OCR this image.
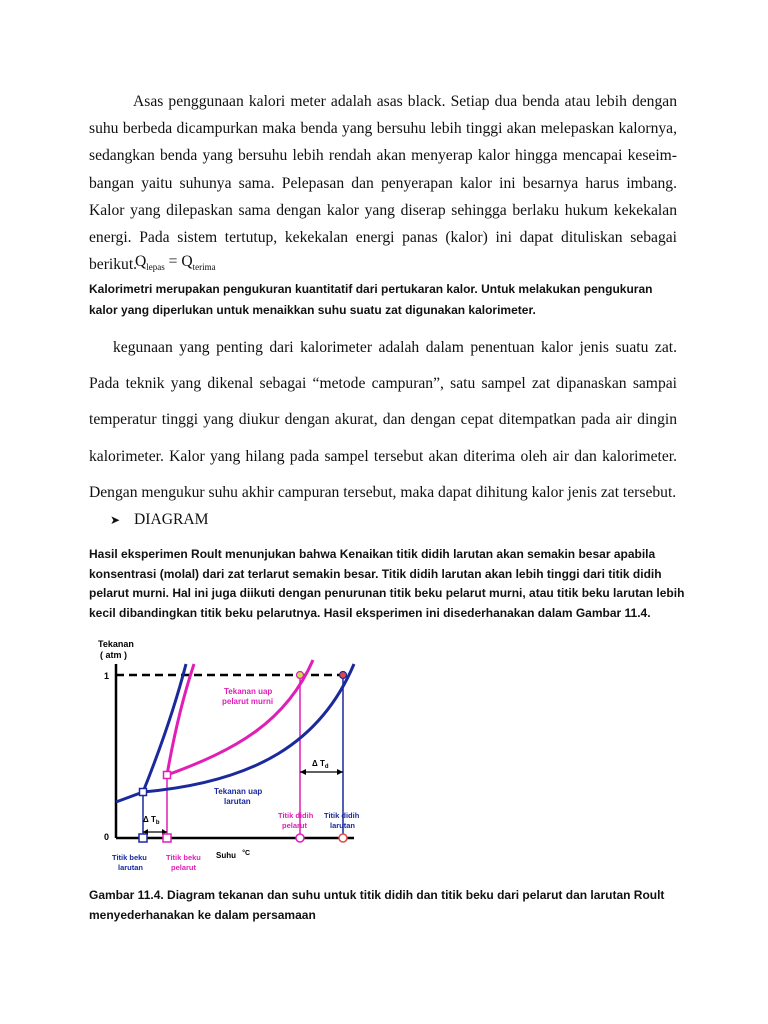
Asas penggunaan kalori meter adalah asas black. Setiap dua benda atau lebih dengan suhu berbeda dicampurkan maka benda yang bersuhu lebih tinggi akan melepaskan kalornya, sedangkan benda yang bersuhu lebih rendah akan menyerap kalor hingga mencapai keseim-bangan yaitu suhunya sama. Pelepasan dan penyerapan kalor ini besarnya harus imbang. Kalor yang dilepaskan sama dengan kalor yang diserap sehingga berlaku hukum kekekalan energi. Pada sistem tertutup, kekekalan energi panas (kalor) ini dapat dituliskan sebagai berikut.
$Q_{lepas} = Q_{terima}$
Kalorimetri merupakan pengukuran kuantitatif dari pertukaran kalor. Untuk melakukan pengukuran kalor yang diperlukan untuk menaikkan suhu suatu zat digunakan kalorimeter.
kegunaan yang penting dari kalorimeter adalah dalam penentuan kalor jenis suatu zat. Pada teknik yang dikenal sebagai “metode campuran”, satu sampel zat dipanaskan sampai temperatur tinggi yang diukur dengan akurat, dan dengan cepat ditempatkan pada air dingin kalorimeter. Kalor yang hilang pada sampel tersebut akan diterima oleh air dan kalorimeter. Dengan mengukur suhu akhir campuran tersebut, maka dapat dihitung kalor jenis zat tersebut.
➤ DIAGRAM
Hasil eksperimen Roult menunjukan bahwa Kenaikan titik didih larutan akan semakin besar apabila konsentrasi (molal) dari zat terlarut semakin besar. Titik didih larutan akan lebih tinggi dari titik didih pelarut murni. Hal ini juga diikuti dengan penurunan titik beku pelarut murni, atau titik beku larutan lebih kecil dibandingkan titik beku pelarutnya. Hasil eksperimen ini disederhanakan dalam Gambar 11.4.
Tekanan
( atm )
1
0
Tekanan uap
pelarut murni
Tekanan uap
larutan
Δ $T_d$
Δ $T_b$
Titik beku
larutan
Titik beku
pelarut
Suhu °C
Titik didih
pelarut
Titik didih
larutan
Gambar 11.4. Diagram tekanan dan suhu untuk titik didih dan titik beku dari pelarut dan larutan Roult menyederhanakan ke dalam persamaan
